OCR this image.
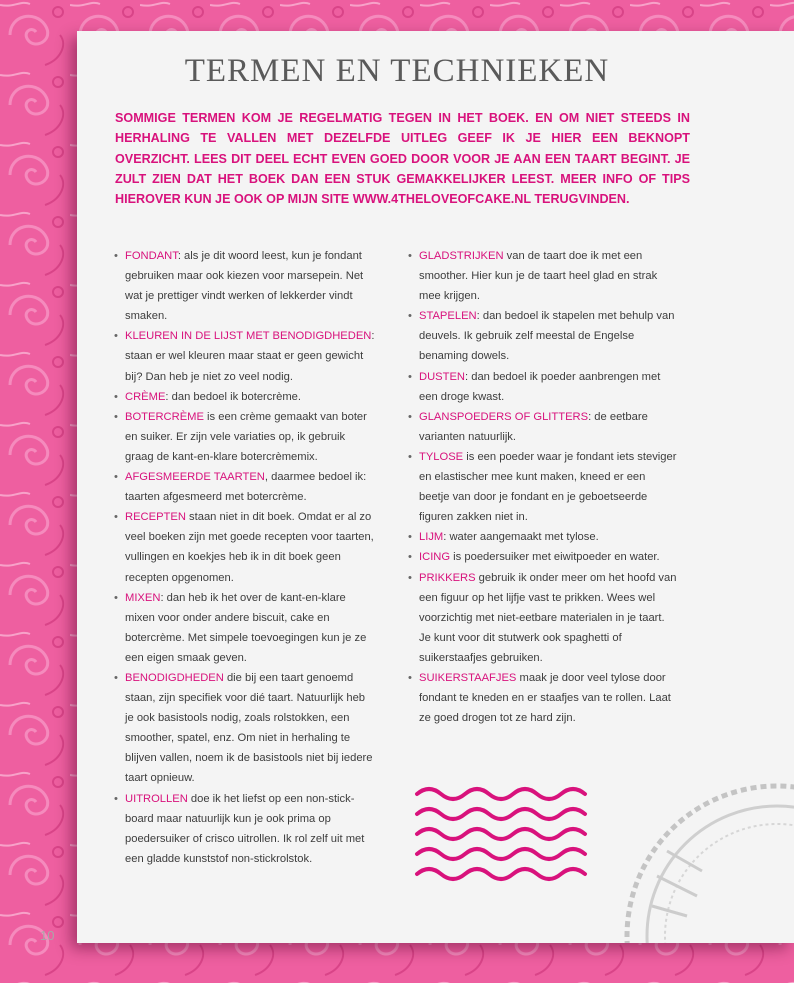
TERMEN EN TECHNIEKEN

SOMMIGE TERMEN KOM JE REGELMATIG TEGEN IN HET BOEK. EN OM NIET STEEDS IN HERHALING TE VALLEN MET DEZELFDE UITLEG GEEF IK JE HIER EEN BEKNOPT OVERZICHT. LEES DIT DEEL ECHT EVEN GOED DOOR VOOR JE AAN EEN TAART BEGINT. JE ZULT ZIEN DAT HET BOEK DAN EEN STUK GEMAKKELIJKER LEEST. MEER INFO OF TIPS HIEROVER KUN JE OOK OP MIJN SITE WWW.4THELOVEOFCAKE.NL TERUGVINDEN.

• FONDANT: als je dit woord leest, kun je fondant gebruiken maar ook kiezen voor marsepein. Net wat je prettiger vindt werken of lekkerder vindt smaken.
• KLEUREN IN DE LIJST MET BENODIGDHEDEN: staan er wel kleuren maar staat er geen gewicht bij? Dan heb je niet zo veel nodig.
• CRÈME: dan bedoel ik botercrème.
• BOTERCRÈME is een crème gemaakt van boter en suiker. Er zijn vele variaties op, ik gebruik graag de kant-en-klare botercrèmemix.
• AFGESMEERDE TAARTEN, daarmee bedoel ik: taarten afgesmeerd met botercrème.
• RECEPTEN staan niet in dit boek. Omdat er al zo veel boeken zijn met goede recepten voor taarten, vullingen en koekjes heb ik in dit boek geen recepten opgenomen.
• MIXEN: dan heb ik het over de kant-en-klare mixen voor onder andere biscuit, cake en botercrème. Met simpele toevoegingen kun je ze een eigen smaak geven.
• BENODIGDHEDEN die bij een taart genoemd staan, zijn specifiek voor dié taart. Natuurlijk heb je ook basistools nodig, zoals rolstokken, een smoother, spatel, enz. Om niet in herhaling te blijven vallen, noem ik de basistools niet bij iedere taart opnieuw.
• UITROLLEN doe ik het liefst op een non-stick-board maar natuurlijk kun je ook prima op poedersuiker of crisco uitrollen. Ik rol zelf uit met een gladde kunststof non-stickrolstok.
• GLADSTRIJKEN van de taart doe ik met een smoother. Hier kun je de taart heel glad en strak mee krijgen.
• STAPELEN: dan bedoel ik stapelen met behulp van deuvels. Ik gebruik zelf meestal de Engelse benaming dowels.
• DUSTEN: dan bedoel ik poeder aanbrengen met een droge kwast.
• GLANSPOEDERS OF GLITTERS: de eetbare varianten natuurlijk.
• TYLOSE is een poeder waar je fondant iets steviger en elastischer mee kunt maken, kneed er een beetje van door je fondant en je geboetseerde figuren zakken niet in.
• LIJM: water aangemaakt met tylose.
• ICING is poedersuiker met eiwitpoeder en water.
• PRIKKERS gebruik ik onder meer om het hoofd van een figuur op het lijfje vast te prikken. Wees wel voorzichtig met niet-eetbare materialen in je taart. Je kunt voor dit stutwerk ook spaghetti of suikerstaafjes gebruiken.
• SUIKERSTAAFJES maak je door veel tylose door fondant te kneden en er staafjes van te rollen. Laat ze goed drogen tot ze hard zijn.
10
